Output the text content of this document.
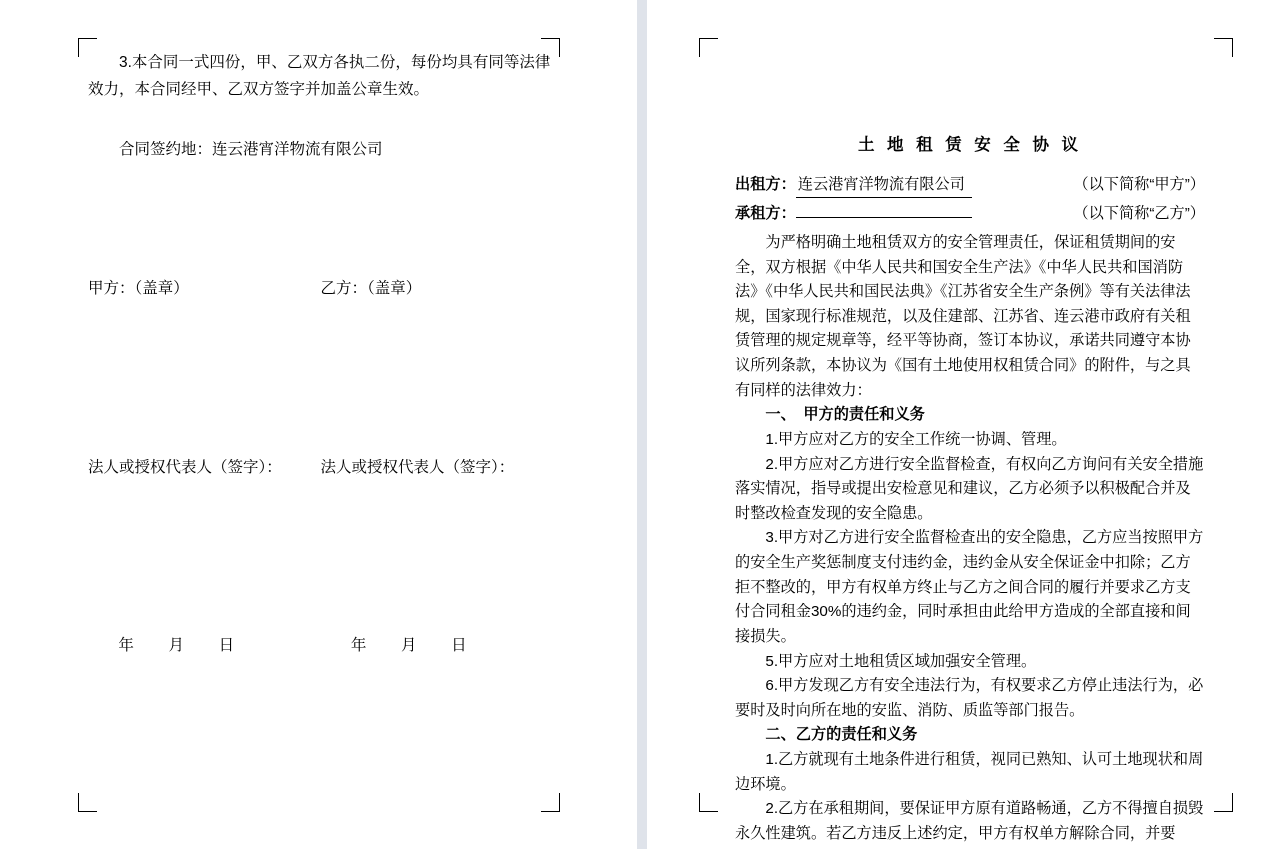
3.本合同一式四份，甲、乙双方各执二份，每份均具有同等法律效力，本合同经甲、乙双方签字并加盖公章生效。

合同签约地：连云港宵洋物流有限公司

甲方：（盖章）	乙方：（盖章）
法人或授权代表人（签字）：	法人或授权代表人（签字）：
年 月 日	年 月 日

土 地 租 赁 安 全 协 议

出租方： 连云港宵洋物流有限公司	（以下简称“甲方”）
承租方：	（以下简称“乙方”）

为严格明确土地租赁双方的安全管理责任，保证租赁期间的安全，双方根据《中华人民共和国安全生产法》《中华人民共和国消防法》《中华人民共和国民法典》《江苏省安全生产条例》等有关法律法规，国家现行标准规范，以及住建部、江苏省、连云港市政府有关租赁管理的规定规章等，经平等协商，签订本协议，承诺共同遵守本协议所列条款，本协议为《国有土地使用权租赁合同》的附件，与之具有同样的法律效力：

一、　甲方的责任和义务

1.甲方应对乙方的安全工作统一协调、管理。

2.甲方应对乙方进行安全监督检查，有权向乙方询问有关安全措施落实情况，指导或提出安检意见和建议，乙方必须予以积极配合并及时整改检查发现的安全隐患。

3.甲方对乙方进行安全监督检查出的安全隐患，乙方应当按照甲方的安全生产奖惩制度支付违约金，违约金从安全保证金中扣除；乙方拒不整改的，甲方有权单方终止与乙方之间合同的履行并要求乙方支付合同租金30%的违约金，同时承担由此给甲方造成的全部直接和间接损失。

5.甲方应对土地租赁区域加强安全管理。

6.甲方发现乙方有安全违法行为，有权要求乙方停止违法行为，必要时及时向所在地的安监、消防、质监等部门报告。

二、乙方的责任和义务

1.乙方就现有土地条件进行租赁，视同已熟知、认可土地现状和周边环境。

2.乙方在承租期间，要保证甲方原有道路畅通，乙方不得擅自损毁永久性建筑。若乙方违反上述约定，甲方有权单方解除合同，并要
